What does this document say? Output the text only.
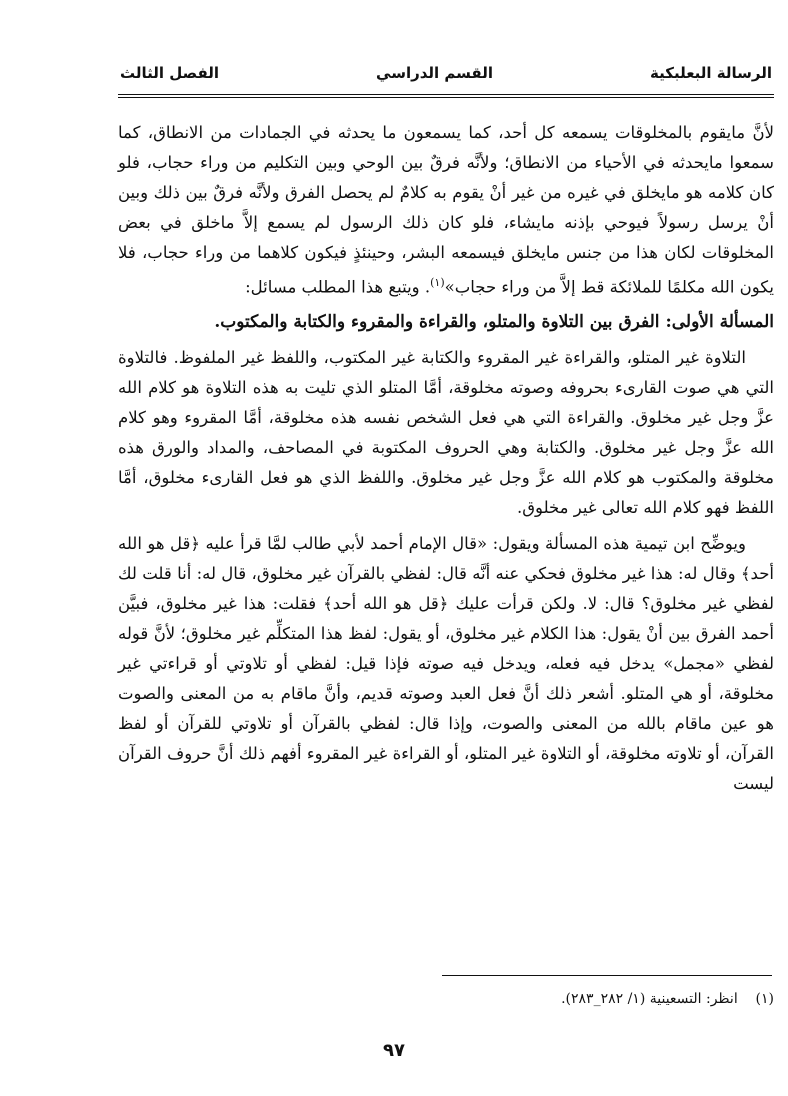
الرسالة البعلبكية
القسم الدراسي
الفصل الثالث

لأنَّ مايقوم بالمخلوقات يسمعه كل أحد، كما يسمعون ما يحدثه في الجمادات من الانطاق، كما سمعوا مايحدثه في الأحياء من الانطاق؛ ولأنَّه فرقٌ بين الوحي وبين التكليم من وراء حجاب، فلو كان كلامه هو مايخلق في غيره من غير أنْ يقوم به كلامٌ لم يحصل الفرق ولأنَّه فرقٌ بين ذلك وبين أنْ يرسل رسولاً فيوحي بإذنه مايشاء، فلو كان ذلك الرسول لم يسمع إلاَّ ماخلق في بعض المخلوقات لكان هذا من جنس مايخلق فيسمعه البشر، وحينئذٍ فيكون كلاهما من وراء حجاب، فلا يكون الله مكلمًا للملائكة قط إلاَّ من وراء حجاب»$^{(١)}$. ويتبع هذا المطلب مسائل:

المسألة الأولى: الفرق بين التلاوة والمتلو، والقراءة والمقروء والكتابة والمكتوب.

التلاوة غير المتلو، والقراءة غير المقروء والكتابة غير المكتوب، واللفظ غير الملفوظ. فالتلاوة التي هي صوت القارىء بحروفه وصوته مخلوقة، أمَّا المتلو الذي تليت به هذه التلاوة هو كلام الله عزَّ وجل غير مخلوق. والقراءة التي هي فعل الشخص نفسه هذه مخلوقة، أمَّا المقروء وهو كلام الله عزَّ وجل غير مخلوق. والكتابة وهي الحروف المكتوبة في المصاحف، والمداد والورق هذه مخلوقة والمكتوب هو كلام الله عزَّ وجل غير مخلوق. واللفظ الذي هو فعل القارىء مخلوق، أمَّا اللفظ فهو كلام الله تعالى غير مخلوق.

ويوضِّح ابن تيمية هذه المسألة ويقول: «قال الإمام أحمد لأبي طالب لمَّا قرأ عليه ﴿قل هو الله أحد﴾ وقال له: هذا غير مخلوق فحكي عنه أنَّه قال: لفظي بالقرآن غير مخلوق، قال له: أنا قلت لك لفظي غير مخلوق؟ قال: لا. ولكن قرأت عليك ﴿قل هو الله أحد﴾ فقلت: هذا غير مخلوق، فبيَّن أحمد الفرق بين أنْ يقول: هذا الكلام غير مخلوق، أو يقول: لفظ هذا المتكلِّم غير مخلوق؛ لأنَّ قوله لفظي «مجمل» يدخل فيه فعله، ويدخل فيه صوته فإذا قيل: لفظي أو تلاوتي أو قراءتي غير مخلوقة، أو هي المتلو. أشعر ذلك أنَّ فعل العبد وصوته قديم، وأنَّ ماقام به من المعنى والصوت هو عين ماقام بالله من المعنى والصوت، وإذا قال: لفظي بالقرآن أو تلاوتي للقرآن أو لفظ القرآن، أو تلاوته مخلوقة، أو التلاوة غير المتلو، أو القراءة غير المقروء أفهم ذلك أنَّ حروف القرآن ليست

(١)    انظر: التسعينية (١/ ٢٨٢_٢٨٣).
٩٧
